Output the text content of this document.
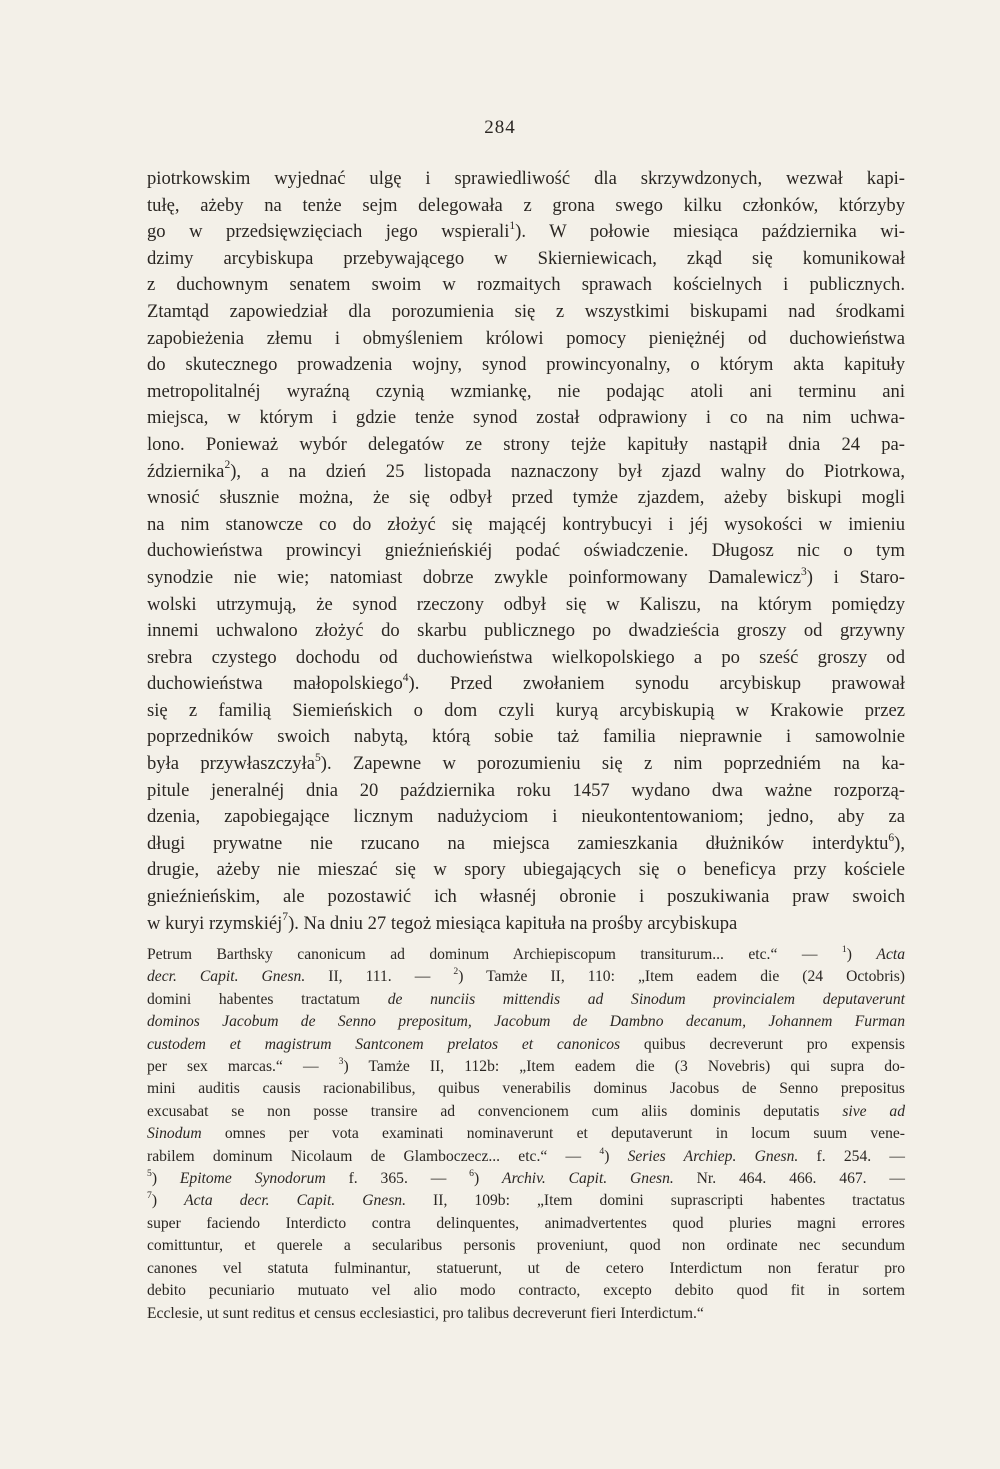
284
piotrkowskim wyjednać ulgę i sprawiedliwość dla skrzywdzonych, wezwał kapi-
tułę, ażeby na tenże sejm delegowała z grona swego kilku członków, którzyby
go w przedsięwzięciach jego wspierali$^1$). W połowie miesiąca października wi-
dzimy arcybiskupa przebywającego w Skierniewicach, zkąd się komunikował
z duchownym senatem swoim w rozmaitych sprawach kościelnych i publicznych.
Ztamtąd zapowiedział dla porozumienia się z wszystkimi biskupami nad środkami
zapobieżenia złemu i obmyśleniem królowi pomocy pieniężnéj od duchowieństwa
do skutecznego prowadzenia wojny, synod prowincyonalny, o którym akta kapituły
metropolitalnéj wyraźną czynią wzmiankę, nie podając atoli ani terminu ani
miejsca, w którym i gdzie tenże synod został odprawiony i co na nim uchwa-
lono. Ponieważ wybór delegatów ze strony tejże kapituły nastąpił dnia 24 pa-
ździernika$^2$), a na dzień 25 listopada naznaczony był zjazd walny do Piotrkowa,
wnosić słusznie można, że się odbył przed tymże zjazdem, ażeby biskupi mogli
na nim stanowcze co do złożyć się mającéj kontrybucyi i jéj wysokości w imieniu
duchowieństwa prowincyi gnieźnieńskiéj podać oświadczenie. Długosz nic o tym
synodzie nie wie; natomiast dobrze zwykle poinformowany Damalewicz$^3$) i Staro-
wolski utrzymują, że synod rzeczony odbył się w Kaliszu, na którym pomiędzy
innemi uchwalono złożyć do skarbu publicznego po dwadzieścia groszy od grzywny
srebra czystego dochodu od duchowieństwa wielkopolskiego a po sześć groszy od
duchowieństwa małopolskiego$^4$). Przed zwołaniem synodu arcybiskup prawował
się z familią Siemieńskich o dom czyli kuryą arcybiskupią w Krakowie przez
poprzedników swoich nabytą, którą sobie taż familia nieprawnie i samowolnie
była przywłaszczyła$^5$). Zapewne w porozumieniu się z nim poprzedniém na ka-
pitule jeneralnéj dnia 20 października roku 1457 wydano dwa ważne rozporzą-
dzenia, zapobiegające licznym nadużyciom i nieukontentowaniom; jedno, aby za
długi prywatne nie rzucano na miejsca zamieszkania dłużników interdyktu$^6$),
drugie, ażeby nie mieszać się w spory ubiegających się o beneficya przy kościele
gnieźnieńskim, ale pozostawić ich własnéj obronie i poszukiwania praw swoich
w kuryi rzymskiéj$^7$). Na dniu 27 tegoż miesiąca kapituła na prośby arcybiskupa
Petrum Barthsky canonicum ad dominum Archiepiscopum transiturum... etc.“ — $^1$) Acta
decr. Capit. Gnesn. II, 111. — $^2$) Tamże II, 110: „Item eadem die (24 Octobris)
domini habentes tractatum de nunciis mittendis ad Sinodum provincialem deputaverunt
dominos Jacobum de Senno prepositum, Jacobum de Dambno decanum, Johannem Furman
custodem et magistrum Santconem prelatos et canonicos quibus decreverunt pro expensis
per sex marcas.“ — $^3$) Tamże II, 112b: „Item eadem die (3 Novebris) qui supra do-
mini auditis causis racionabilibus, quibus venerabilis dominus Jacobus de Senno prepositus
excusabat se non posse transire ad convencionem cum aliis dominis deputatis sive ad
Sinodum omnes per vota examinati nominaverunt et deputaverunt in locum suum vene-
rabilem dominum Nicolaum de Glamboczecz... etc.“ — $^4$) Series Archiep. Gnesn. f. 254. —
$^5$) Epitome Synodorum f. 365. — $^6$) Archiv. Capit. Gnesn. Nr. 464. 466. 467. —
$^7$) Acta decr. Capit. Gnesn. II, 109b: „Item domini suprascripti habentes tractatus
super faciendo Interdicto contra delinquentes, animadvertentes quod pluries magni errores
comittuntur, et querele a secularibus personis proveniunt, quod non ordinate nec secundum
canones vel statuta fulminantur, statuerunt, ut de cetero Interdictum non feratur pro
debito pecuniario mutuato vel alio modo contracto, excepto debito quod fit in sortem
Ecclesie, ut sunt reditus et census ecclesiastici, pro talibus decreverunt fieri Interdictum.“
